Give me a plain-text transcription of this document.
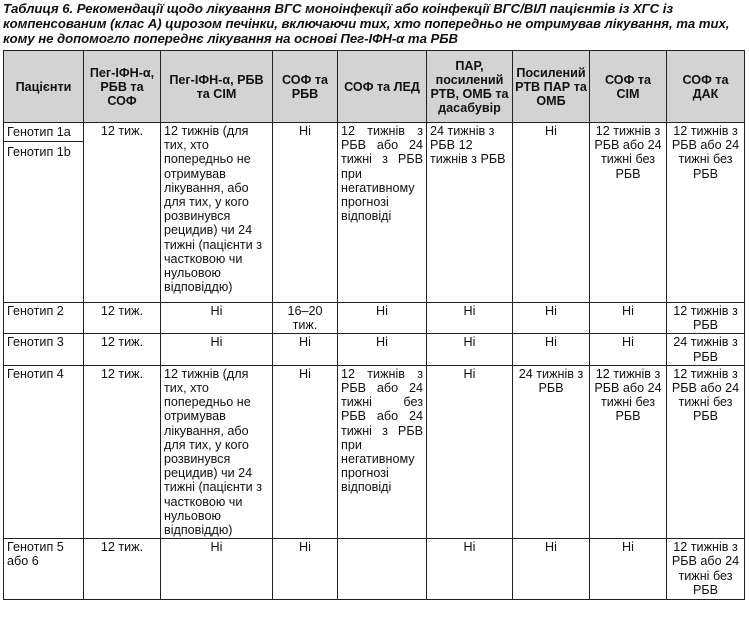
Таблиця 6. Рекомендації щодо лікування ВГС моноінфекції або коінфекції ВГС/ВІЛ пацієнтів із ХГС із компенсованим (клас А) цирозом печінки, включаючи тих, хто попередньо не отримував лікування, та тих, кому не допомогло попереднє лікування на основі Пег-ІФН-α та РБВ

Пацієнти	Пег-ІФН-α, РБВ та СОФ	Пег-ІФН-α, РБВ та СІМ	СОФ та РБВ	СОФ та ЛЕД	ПАР, посилений РТВ, ОМБ та дасабувір	Посилений РТВ ПАР та ОМБ	СОФ та СІМ	СОФ та ДАК

Генотип 1а
Генотип 1b	12 тиж.	12 тижнів (для тих, хто попередньо не отримував лікування, або для тих, у кого розвинувся рецидив) чи 24 тижні (пацієнти з частковою чи нульовою відповіддю)	Ні	12 тижнів з РБВ або 24 тижні з РБВ при негативному прогнозі відповіді	24 тижнів з РБВ 12 тижнів з РБВ	Ні	12 тижнів з РБВ або 24 тижні без РБВ	12 тижнів з РБВ або 24 тижні без РБВ
Генотип 2	12 тиж.	Ні	16–20 тиж.	Ні	Ні	Ні	Ні	12 тижнів з РБВ
Генотип 3	12 тиж.	Ні	Ні	Ні	Ні	Ні	Ні	24 тижнів з РБВ
Генотип 4	12 тиж.	12 тижнів (для тих, хто попередньо не отримував лікування, або для тих, у кого розвинувся рецидив) чи 24 тижні (пацієнти з частковою чи нульовою відповіддю)	Ні	12 тижнів з РБВ або 24 тижні без РБВ або 24 тижні з РБВ при негативному прогнозі відповіді	Ні	24 тижнів з РБВ	12 тижнів з РБВ або 24 тижні без РБВ	12 тижнів з РБВ або 24 тижні без РБВ
Генотип 5 або 6	12 тиж.	Ні	Ні		Ні	Ні	Ні	12 тижнів з РБВ або 24 тижні без РБВ
